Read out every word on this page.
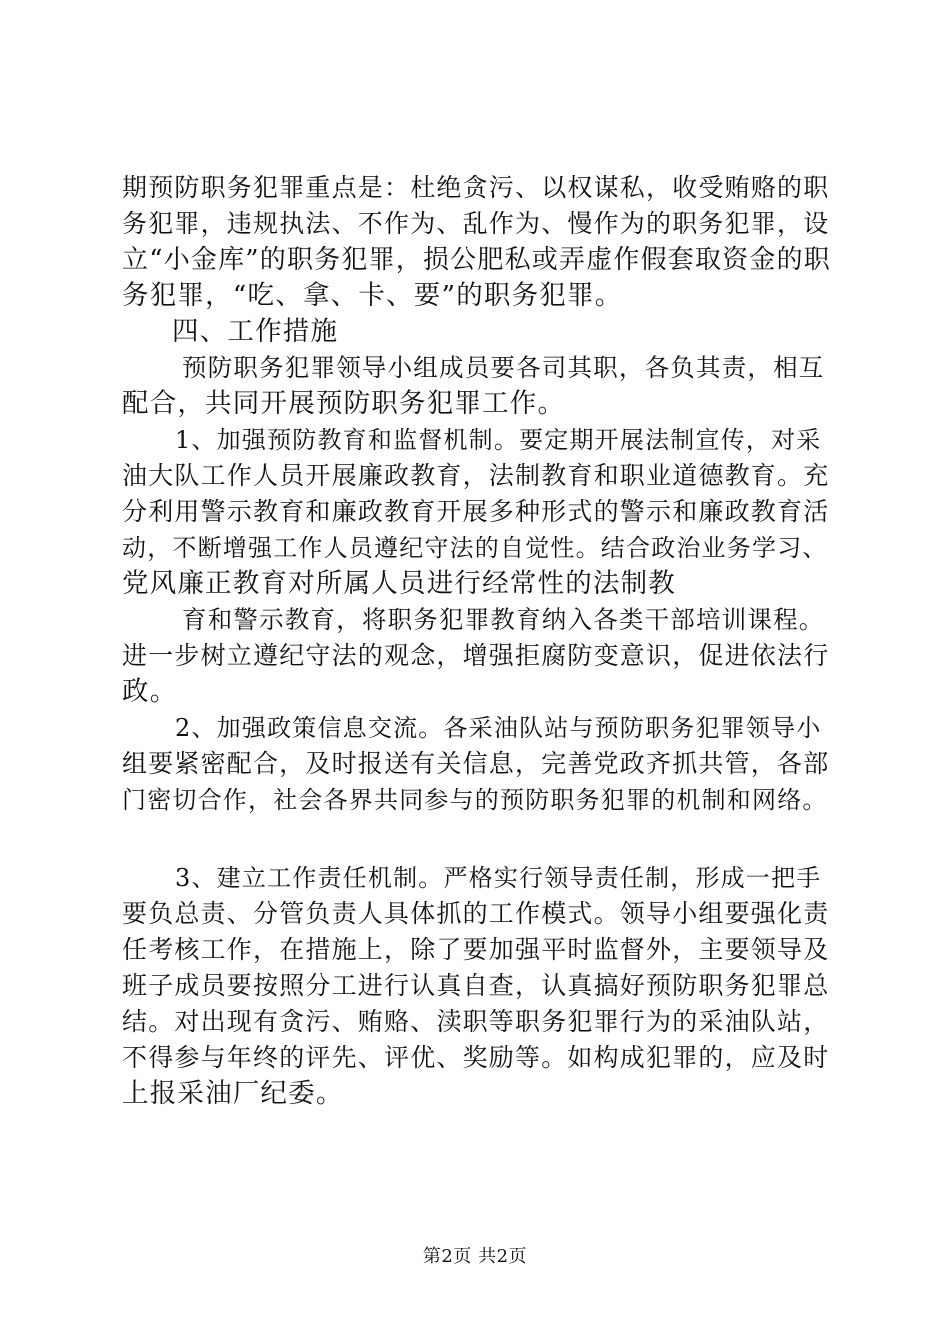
期预防职务犯罪重点是：杜绝贪污、以权谋私，收受贿赂的职
务犯罪，违规执法、不作为、乱作为、慢作为的职务犯罪，设
立“小金库”的职务犯罪，损公肥私或弄虚作假套取资金的职
务犯罪，“吃、拿、卡、要”的职务犯罪。
四、工作措施
预防职务犯罪领导小组成员要各司其职，各负其责，相互
配合，共同开展预防职务犯罪工作。
1、加强预防教育和监督机制。要定期开展法制宣传，对采
油大队工作人员开展廉政教育，法制教育和职业道德教育。充
分利用警示教育和廉政教育开展多种形式的警示和廉政教育活
动，不断增强工作人员遵纪守法的自觉性。结合政治业务学习、
党风廉正教育对所属人员进行经常性的法制教
育和警示教育，将职务犯罪教育纳入各类干部培训课程。
进一步树立遵纪守法的观念，增强拒腐防变意识，促进依法行
政。
2、加强政策信息交流。各采油队站与预防职务犯罪领导小
组要紧密配合，及时报送有关信息，完善党政齐抓共管，各部
门密切合作，社会各界共同参与的预防职务犯罪的机制和网络。
3、建立工作责任机制。严格实行领导责任制，形成一把手
要负总责、分管负责人具体抓的工作模式。领导小组要强化责
任考核工作，在措施上，除了要加强平时监督外，主要领导及
班子成员要按照分工进行认真自查，认真搞好预防职务犯罪总
结。对出现有贪污、贿赂、渎职等职务犯罪行为的采油队站，
不得参与年终的评先、评优、奖励等。如构成犯罪的，应及时
上报采油厂纪委。
第2页 共2页
